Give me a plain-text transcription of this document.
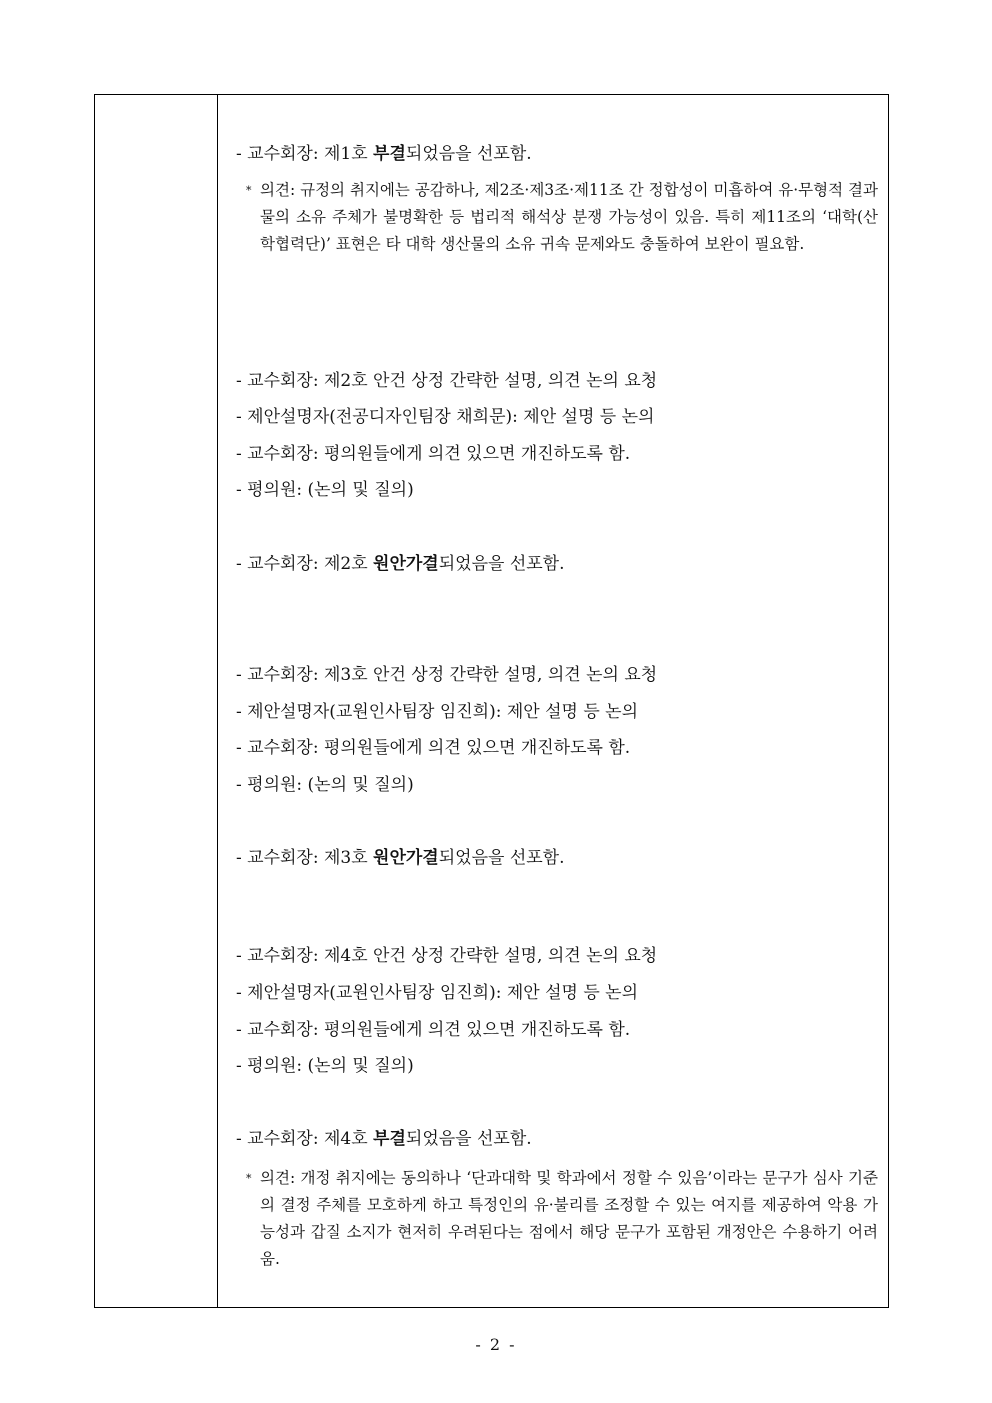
- 교수회장: 제1호 부결되었음을 선포함.
* 의견: 규정의 취지에는 공감하나, 제2조·제3조·제11조 간 정합성이 미흡하여 유·무형적 결과물의 소유 주체가 불명확한 등 법리적 해석상 분쟁 가능성이 있음. 특히 제11조의 ‘대학(산학협력단)’ 표현은 타 대학 생산물의 소유 귀속 문제와도 충돌하여 보완이 필요함.
- 교수회장: 제2호 안건 상정 간략한 설명, 의견 논의 요청
- 제안설명자(전공디자인팀장 채희문): 제안 설명 등 논의
- 교수회장: 평의원들에게 의견 있으면 개진하도록 함.
- 평의원: (논의 및 질의)
- 교수회장: 제2호 원안가결되었음을 선포함.
- 교수회장: 제3호 안건 상정 간략한 설명, 의견 논의 요청
- 제안설명자(교원인사팀장 임진희): 제안 설명 등 논의
- 교수회장: 평의원들에게 의견 있으면 개진하도록 함.
- 평의원: (논의 및 질의)
- 교수회장: 제3호 원안가결되었음을 선포함.
- 교수회장: 제4호 안건 상정 간략한 설명, 의견 논의 요청
- 제안설명자(교원인사팀장 임진희): 제안 설명 등 논의
- 교수회장: 평의원들에게 의견 있으면 개진하도록 함.
- 평의원: (논의 및 질의)
- 교수회장: 제4호 부결되었음을 선포함.
* 의견: 개정 취지에는 동의하나 ‘단과대학 및 학과에서 정할 수 있음’이라는 문구가 심사 기준의 결정 주체를 모호하게 하고 특정인의 유·불리를 조정할 수 있는 여지를 제공하여 악용 가능성과 갑질 소지가 현저히 우려된다는 점에서 해당 문구가 포함된 개정안은 수용하기 어려움.
- 2 -
